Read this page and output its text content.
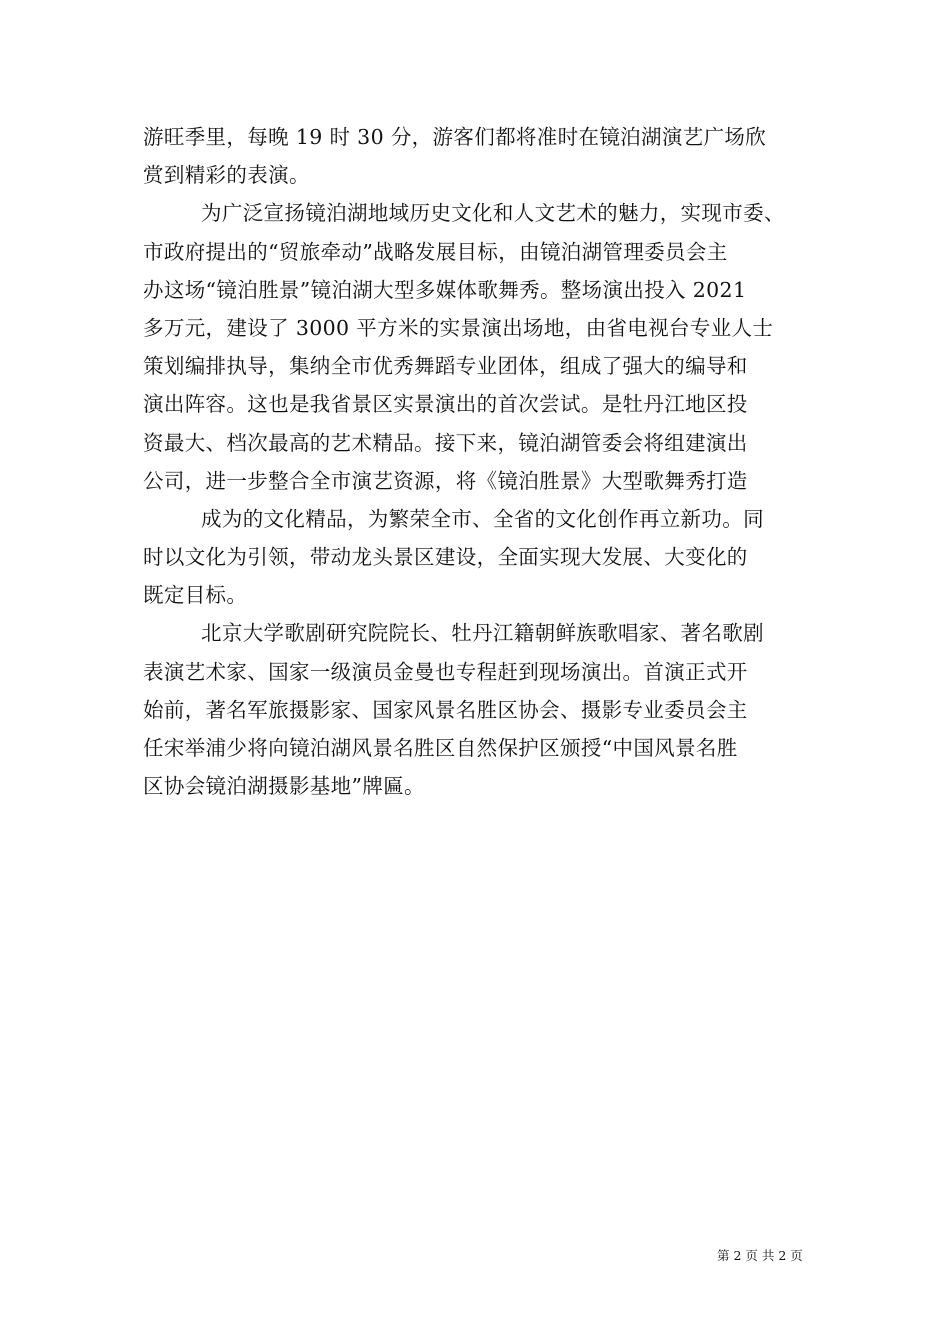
游旺季里，每晚 19 时 30 分，游客们都将准时在镜泊湖演艺广场欣
赏到精彩的表演。
为广泛宣扬镜泊湖地域历史文化和人文艺术的魅力，实现市委、
市政府提出的“贸旅牵动”战略发展目标，由镜泊湖管理委员会主
办这场“镜泊胜景”镜泊湖大型多媒体歌舞秀。整场演出投入 2021
多万元，建设了 3000 平方米的实景演出场地，由省电视台专业人士
策划编排执导，集纳全市优秀舞蹈专业团体，组成了强大的编导和
演出阵容。这也是我省景区实景演出的首次尝试。是牡丹江地区投
资最大、档次最高的艺术精品。接下来，镜泊湖管委会将组建演出
公司，进一步整合全市演艺资源，将《镜泊胜景》大型歌舞秀打造
成为的文化精品，为繁荣全市、全省的文化创作再立新功。同
时以文化为引领，带动龙头景区建设，全面实现大发展、大变化的
既定目标。
北京大学歌剧研究院院长、牡丹江籍朝鲜族歌唱家、著名歌剧
表演艺术家、国家一级演员金曼也专程赶到现场演出。首演正式开
始前，著名军旅摄影家、国家风景名胜区协会、摄影专业委员会主
任宋举浦少将向镜泊湖风景名胜区自然保护区颁授“中国风景名胜
区协会镜泊湖摄影基地”牌匾。
第 2 页 共 2 页
